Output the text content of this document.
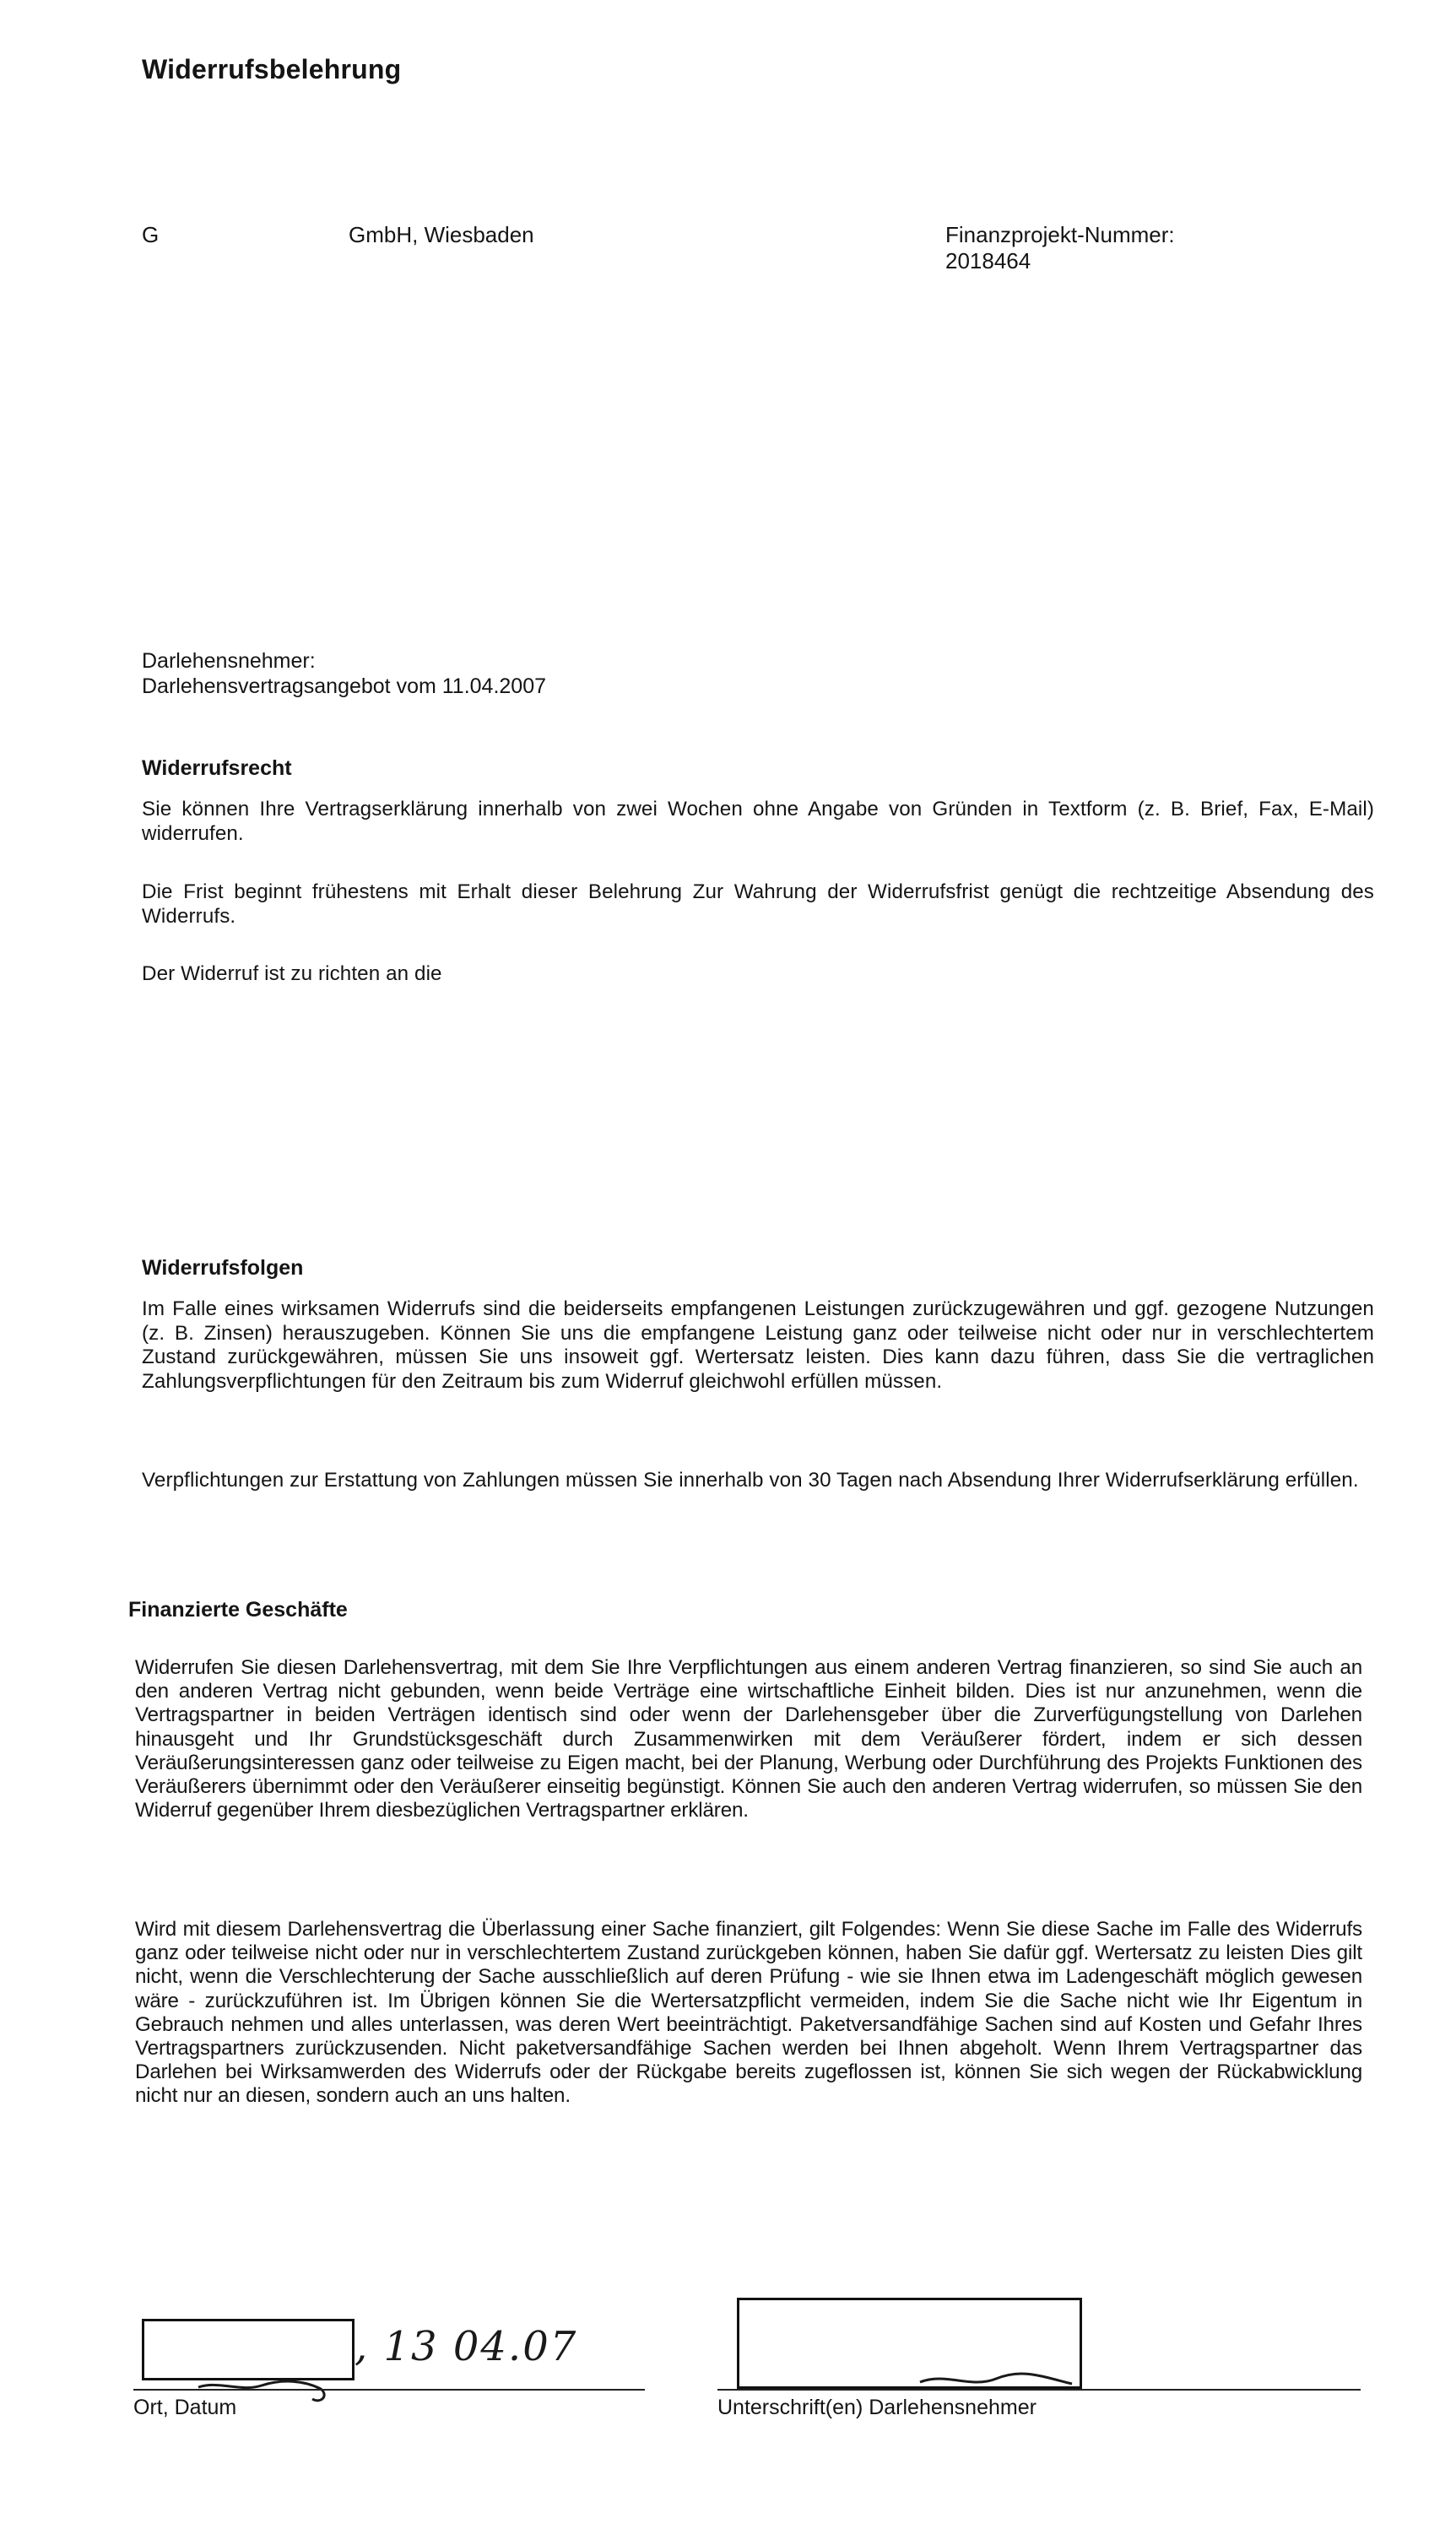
Widerrufsbelehrung
G	GmbH, Wiesbaden	Finanzprojekt-Nummer:
2018464
Darlehensnehmer:
Darlehensvertragsangebot vom 11.04.2007
Widerrufsrecht

Sie können Ihre Vertragserklärung innerhalb von zwei Wochen ohne Angabe von Gründen in Textform (z. B. Brief, Fax, E-Mail) widerrufen.

Die Frist beginnt frühestens mit Erhalt dieser Belehrung Zur Wahrung der Widerrufsfrist genügt die rechtzeitige Absendung des Widerrufs.

Der Widerruf ist zu richten an die

Widerrufsfolgen

Im Falle eines wirksamen Widerrufs sind die beiderseits empfangenen Leistungen zurückzugewähren und ggf. gezogene Nutzungen (z. B. Zinsen) herauszugeben. Können Sie uns die empfangene Leistung ganz oder teilweise nicht oder nur in verschlechtertem Zustand zurückgewähren, müssen Sie uns insoweit ggf. Wertersatz leisten. Dies kann dazu führen, dass Sie die vertraglichen Zahlungsverpflichtungen für den Zeitraum bis zum Widerruf gleichwohl erfüllen müssen.

Verpflichtungen zur Erstattung von Zahlungen müssen Sie innerhalb von 30 Tagen nach Absendung Ihrer Widerrufserklärung erfüllen.

Finanzierte Geschäfte

Widerrufen Sie diesen Darlehensvertrag, mit dem Sie Ihre Verpflichtungen aus einem anderen Vertrag finanzieren, so sind Sie auch an den anderen Vertrag nicht gebunden, wenn beide Verträge eine wirtschaftliche Einheit bilden. Dies ist nur anzunehmen, wenn die Vertragspartner in beiden Verträgen identisch sind oder wenn der Darlehensgeber über die Zurverfügungstellung von Darlehen hinausgeht und Ihr Grundstücksgeschäft durch Zusammenwirken mit dem Veräußerer fördert, indem er sich dessen Veräußerungsinteressen ganz oder teilweise zu Eigen macht, bei der Planung, Werbung oder Durchführung des Projekts Funktionen des Veräußerers übernimmt oder den Veräußerer einseitig begünstigt. Können Sie auch den anderen Vertrag widerrufen, so müssen Sie den Widerruf gegenüber Ihrem diesbezüglichen Vertragspartner erklären.

Wird mit diesem Darlehensvertrag die Überlassung einer Sache finanziert, gilt Folgendes: Wenn Sie diese Sache im Falle des Widerrufs ganz oder teilweise nicht oder nur in verschlechtertem Zustand zurückgeben können, haben Sie dafür ggf. Wertersatz zu leisten Dies gilt nicht, wenn die Verschlechterung der Sache ausschließlich auf deren Prüfung - wie sie Ihnen etwa im Ladengeschäft möglich gewesen wäre - zurückzuführen ist. Im Übrigen können Sie die Wertersatzpflicht vermeiden, indem Sie die Sache nicht wie Ihr Eigentum in Gebrauch nehmen und alles unterlassen, was deren Wert beeinträchtigt. Paketversandfähige Sachen sind auf Kosten und Gefahr Ihres Vertragspartners zurückzusenden. Nicht paketversandfähige Sachen werden bei Ihnen abgeholt. Wenn Ihrem Vertragspartner das Darlehen bei Wirksamwerden des Widerrufs oder der Rückgabe bereits zugeflossen ist, können Sie sich wegen der Rückabwicklung nicht nur an diesen, sondern auch an uns halten.

, 13 04.07
Ort, Datum	Unterschrift(en) Darlehensnehmer
